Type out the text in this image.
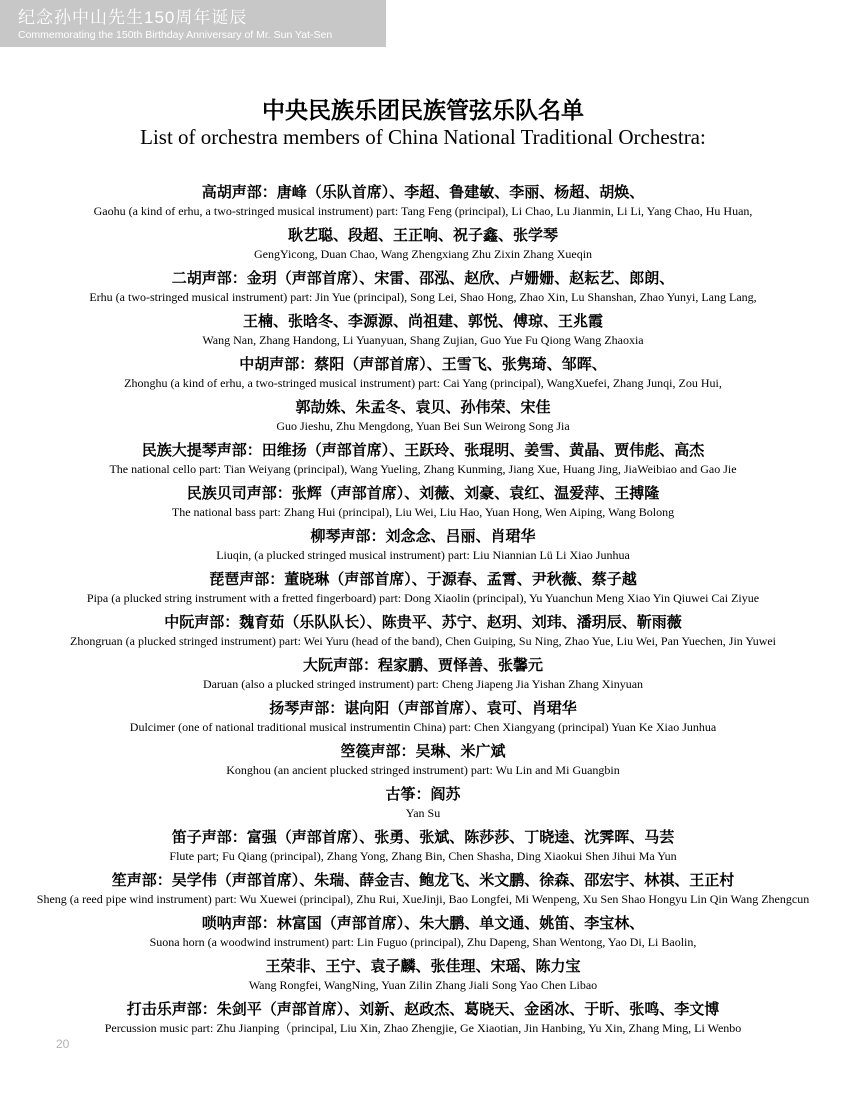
纪念孙中山先生150周年诞辰
Commemorating the 150th Birthday Anniversary of Mr. Sun Yat-Sen
中央民族乐团民族管弦乐队名单
List of orchestra members of China National Traditional Orchestra:

高胡声部：唐峰（乐队首席）、李超、鲁建敏、李丽、杨超、胡焕、

Gaohu (a kind of erhu, a two-stringed musical instrument) part: Tang Feng (principal), Li Chao, Lu Jianmin, Li Li, Yang Chao, Hu Huan,

耿艺聪、段超、王正响、祝子鑫、张学琴

GengYicong, Duan Chao, Wang Zhengxiang Zhu Zixin Zhang Xueqin

二胡声部：金玥（声部首席）、宋雷、邵泓、赵欣、卢姗姗、赵耘艺、郎朗、

Erhu (a two-stringed musical instrument) part: Jin Yue (principal), Song Lei, Shao Hong, Zhao Xin, Lu Shanshan, Zhao Yunyi, Lang Lang,

王楠、张晗冬、李源源、尚祖建、郭悦、傅琼、王兆霞

Wang Nan, Zhang Handong, Li Yuanyuan, Shang Zujian, Guo Yue Fu Qiong Wang Zhaoxia

中胡声部：蔡阳（声部首席）、王雪飞、张隽琦、邹晖、

Zhonghu (a kind of erhu, a two-stringed musical instrument) part: Cai Yang (principal), WangXuefei, Zhang Junqi, Zou Hui,

郭劼姝、朱孟冬、袁贝、孙伟荣、宋佳

Guo Jieshu, Zhu Mengdong, Yuan Bei Sun Weirong Song Jia

民族大提琴声部：田维扬（声部首席）、王跃玲、张琨明、姜雪、黄晶、贾伟彪、高杰

The national cello part: Tian Weiyang (principal), Wang Yueling, Zhang Kunming, Jiang Xue, Huang Jing, JiaWeibiao and Gao Jie

民族贝司声部：张辉（声部首席）、刘薇、刘豪、袁红、温爱萍、王搏隆

The national bass part: Zhang Hui (principal), Liu Wei, Liu Hao, Yuan Hong, Wen Aiping, Wang Bolong

柳琴声部：刘念念、吕丽、肖珺华

Liuqin, (a plucked stringed musical instrument) part: Liu Niannian Lü Li Xiao Junhua

琵琶声部：董晓琳（声部首席）、于源春、孟霄、尹秋薇、蔡子越

Pipa (a plucked string instrument with a fretted fingerboard) part: Dong Xiaolin (principal), Yu Yuanchun Meng Xiao Yin Qiuwei Cai Ziyue

中阮声部：魏育茹（乐队队长）、陈贵平、苏宁、赵玥、刘玮、潘玥辰、靳雨薇

Zhongruan (a plucked stringed instrument) part: Wei Yuru (head of the band), Chen Guiping, Su Ning, Zhao Yue, Liu Wei, Pan Yuechen, Jin Yuwei

大阮声部：程家鹏、贾怿善、张馨元

Daruan (also a plucked stringed instrument) part: Cheng Jiapeng Jia Yishan Zhang Xinyuan

扬琴声部：谌向阳（声部首席）、袁可、肖珺华

Dulcimer (one of national traditional musical instrumentin China) part: Chen Xiangyang (principal) Yuan Ke Xiao Junhua

箜篌声部：吴琳、米广斌

Konghou (an ancient plucked stringed instrument) part: Wu Lin and Mi Guangbin

古筝：阎苏

Yan Su

笛子声部：富强（声部首席）、张勇、张斌、陈莎莎、丁晓逵、沈霁晖、马芸

Flute part; Fu Qiang (principal), Zhang Yong, Zhang Bin, Chen Shasha, Ding Xiaokui Shen Jihui Ma Yun

笙声部：吴学伟（声部首席）、朱瑞、薛金吉、鲍龙飞、米文鹏、徐森、邵宏宇、林祺、王正村

Sheng (a reed pipe wind instrument) part: Wu Xuewei (principal), Zhu Rui, XueJinji, Bao Longfei, Mi Wenpeng, Xu Sen Shao Hongyu Lin Qin Wang Zhengcun

唢呐声部：林富国（声部首席）、朱大鹏、单文通、姚笛、李宝林、

Suona horn (a woodwind instrument) part: Lin Fuguo (principal), Zhu Dapeng, Shan Wentong, Yao Di, Li Baolin,

王荣非、王宁、袁子麟、张佳理、宋瑶、陈力宝

Wang Rongfei, WangNing, Yuan Zilin Zhang Jiali Song Yao Chen Libao

打击乐声部：朱剑平（声部首席）、刘新、赵政杰、葛晓天、金函冰、于昕、张鸣、李文博

Percussion music part: Zhu Jianping（principal, Liu Xin, Zhao Zhengjie, Ge Xiaotian, Jin Hanbing, Yu Xin, Zhang Ming, Li Wenbo

20
